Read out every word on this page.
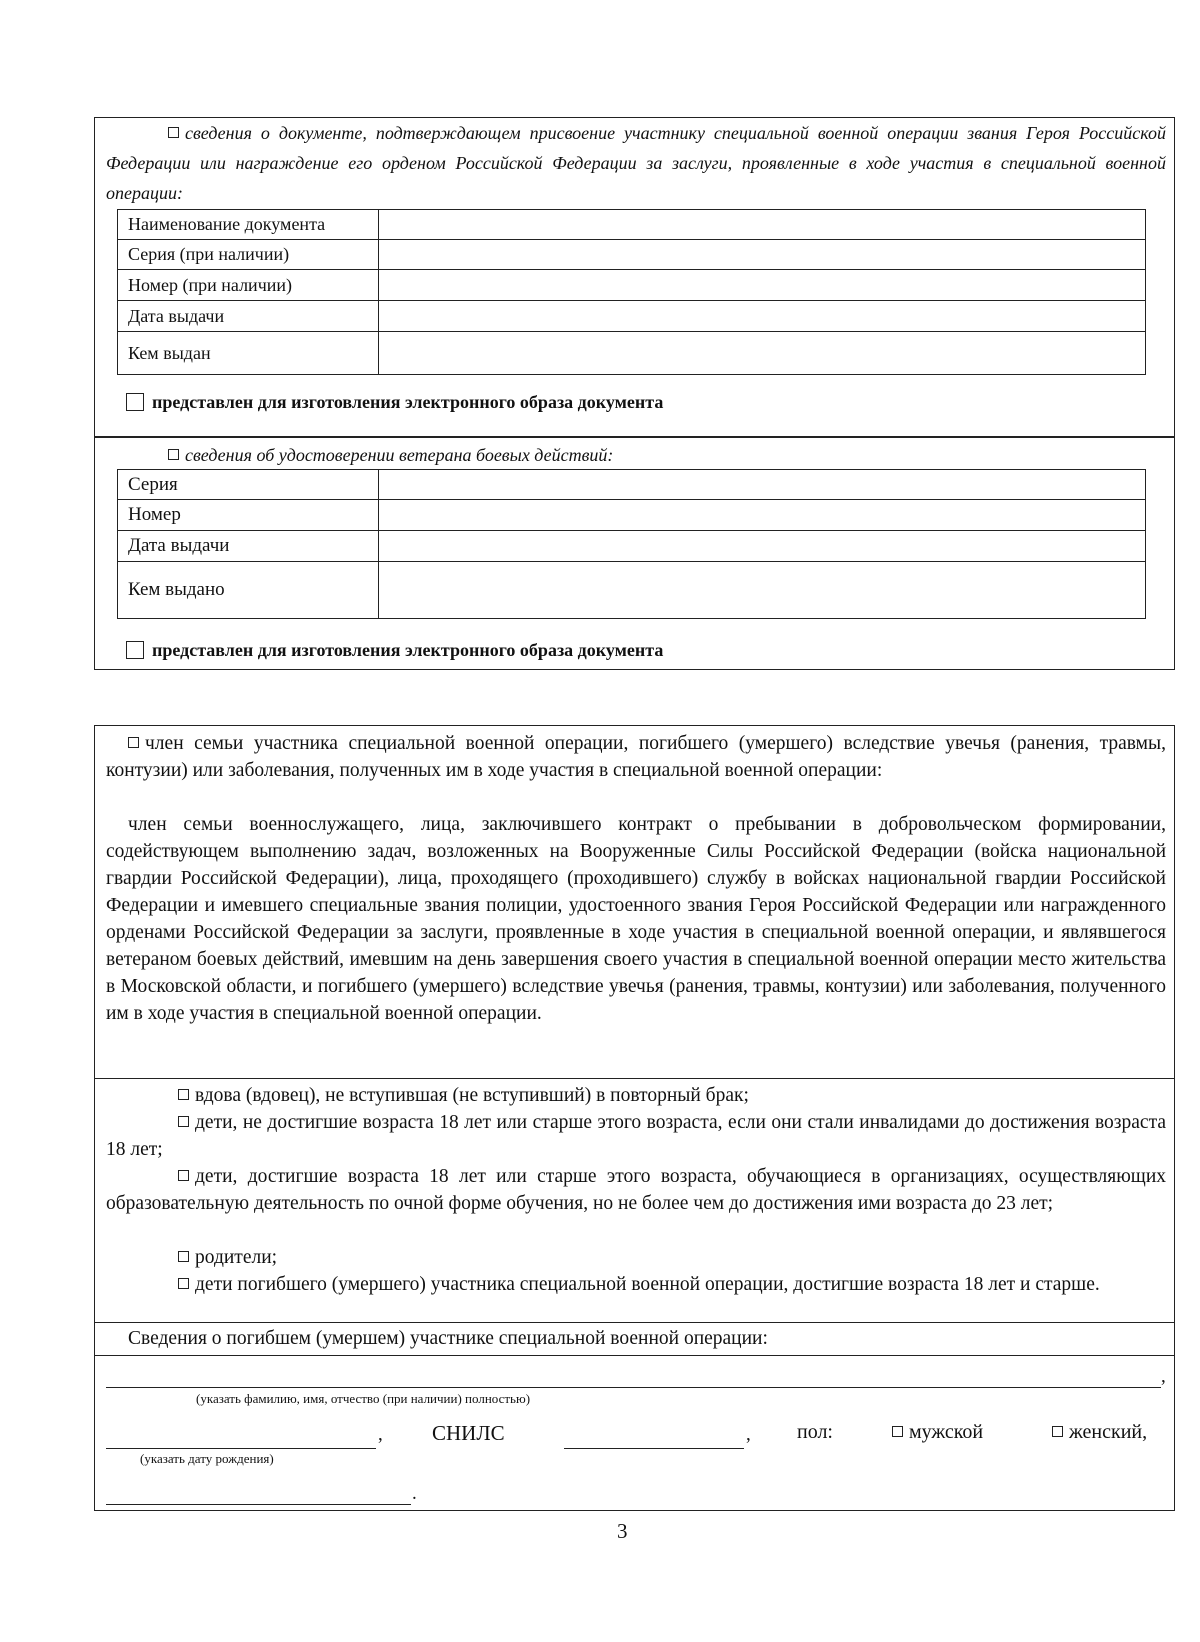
сведения о документе, подтверждающем присвоение участнику специальной военной операции звания Героя Российской Федерации или награждение его орденом Российской Федерации за заслуги, проявленные в ходе участия в специальной военной операции:
Наименование документа	
Серия (при наличии)	
Номер (при наличии)	
Дата выдачи	
Кем выдан	
представлен для изготовления электронного образа документа
сведения об удостоверении ветерана боевых действий:
Серия	
Номер	
Дата выдачи	
Кем выдано	
представлен для изготовления электронного образа документа
член семьи участника специальной военной операции, погибшего (умершего) вследствие увечья (ранения, травмы, контузии) или заболевания, полученных им в ходе участия в специальной военной операции:
член семьи военнослужащего, лица, заключившего контракт о пребывании в добровольческом формировании, содействующем выполнению задач, возложенных на Вооруженные Силы Российской Федерации (войска национальной гвардии Российской Федерации), лица, проходящего (проходившего) службу в войсках национальной гвардии Российской Федерации и имевшего специальные звания полиции, удостоенного звания Героя Российской Федерации или награжденного орденами Российской Федерации за заслуги, проявленные в ходе участия в специальной военной операции, и являвшегося ветераном боевых действий, имевшим на день завершения своего участия в специальной военной операции место жительства в Московской области, и погибшего (умершего) вследствие увечья (ранения, травмы, контузии) или заболевания, полученного им в ходе участия в специальной военной операции.
вдова (вдовец), не вступившая (не вступивший) в повторный брак;
дети, не достигшие возраста 18 лет или старше этого возраста, если они стали инвалидами до достижения возраста 18 лет;
дети, достигшие возраста 18 лет или старше этого возраста, обучающиеся в организациях, осуществляющих образовательную деятельность по очной форме обучения, но не более чем до достижения ими возраста до 23 лет;
родители;
дети погибшего (умершего) участника специальной военной операции, достигшие возраста 18 лет и старше.
Сведения о погибшем (умершем) участнике специальной военной операции:
,
(указать фамилию, имя, отчество (при наличии) полностью)
, СНИЛС	, пол:	мужской	женский,
(указать дату рождения)
.
3
